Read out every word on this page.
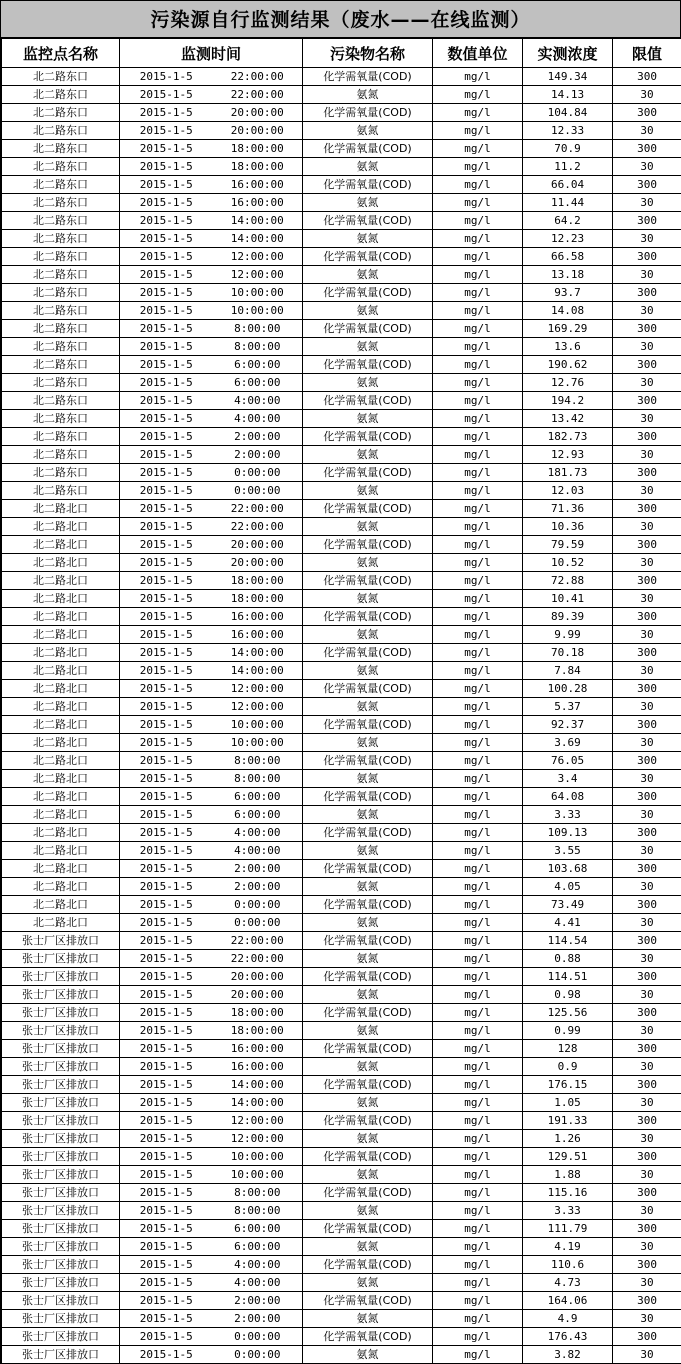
污染源自行监测结果（废水——在线监测）
监控点名称	监测时间		污染物名称	数值单位	实测浓度	限值
北二路东口	2015-1-5	22:00:00	化学需氧量(COD)	mg/l	149.34	300
北二路东口	2015-1-5	22:00:00	氨氮	mg/l	14.13	30
北二路东口	2015-1-5	20:00:00	化学需氧量(COD)	mg/l	104.84	300
北二路东口	2015-1-5	20:00:00	氨氮	mg/l	12.33	30
北二路东口	2015-1-5	18:00:00	化学需氧量(COD)	mg/l	70.9	300
北二路东口	2015-1-5	18:00:00	氨氮	mg/l	11.2	30
北二路东口	2015-1-5	16:00:00	化学需氧量(COD)	mg/l	66.04	300
北二路东口	2015-1-5	16:00:00	氨氮	mg/l	11.44	30
北二路东口	2015-1-5	14:00:00	化学需氧量(COD)	mg/l	64.2	300
北二路东口	2015-1-5	14:00:00	氨氮	mg/l	12.23	30
北二路东口	2015-1-5	12:00:00	化学需氧量(COD)	mg/l	66.58	300
北二路东口	2015-1-5	12:00:00	氨氮	mg/l	13.18	30
北二路东口	2015-1-5	10:00:00	化学需氧量(COD)	mg/l	93.7	300
北二路东口	2015-1-5	10:00:00	氨氮	mg/l	14.08	30
北二路东口	2015-1-5	8:00:00	化学需氧量(COD)	mg/l	169.29	300
北二路东口	2015-1-5	8:00:00	氨氮	mg/l	13.6	30
北二路东口	2015-1-5	6:00:00	化学需氧量(COD)	mg/l	190.62	300
北二路东口	2015-1-5	6:00:00	氨氮	mg/l	12.76	30
北二路东口	2015-1-5	4:00:00	化学需氧量(COD)	mg/l	194.2	300
北二路东口	2015-1-5	4:00:00	氨氮	mg/l	13.42	30
北二路东口	2015-1-5	2:00:00	化学需氧量(COD)	mg/l	182.73	300
北二路东口	2015-1-5	2:00:00	氨氮	mg/l	12.93	30
北二路东口	2015-1-5	0:00:00	化学需氧量(COD)	mg/l	181.73	300
北二路东口	2015-1-5	0:00:00	氨氮	mg/l	12.03	30
北二路北口	2015-1-5	22:00:00	化学需氧量(COD)	mg/l	71.36	300
北二路北口	2015-1-5	22:00:00	氨氮	mg/l	10.36	30
北二路北口	2015-1-5	20:00:00	化学需氧量(COD)	mg/l	79.59	300
北二路北口	2015-1-5	20:00:00	氨氮	mg/l	10.52	30
北二路北口	2015-1-5	18:00:00	化学需氧量(COD)	mg/l	72.88	300
北二路北口	2015-1-5	18:00:00	氨氮	mg/l	10.41	30
北二路北口	2015-1-5	16:00:00	化学需氧量(COD)	mg/l	89.39	300
北二路北口	2015-1-5	16:00:00	氨氮	mg/l	9.99	30
北二路北口	2015-1-5	14:00:00	化学需氧量(COD)	mg/l	70.18	300
北二路北口	2015-1-5	14:00:00	氨氮	mg/l	7.84	30
北二路北口	2015-1-5	12:00:00	化学需氧量(COD)	mg/l	100.28	300
北二路北口	2015-1-5	12:00:00	氨氮	mg/l	5.37	30
北二路北口	2015-1-5	10:00:00	化学需氧量(COD)	mg/l	92.37	300
北二路北口	2015-1-5	10:00:00	氨氮	mg/l	3.69	30
北二路北口	2015-1-5	8:00:00	化学需氧量(COD)	mg/l	76.05	300
北二路北口	2015-1-5	8:00:00	氨氮	mg/l	3.4	30
北二路北口	2015-1-5	6:00:00	化学需氧量(COD)	mg/l	64.08	300
北二路北口	2015-1-5	6:00:00	氨氮	mg/l	3.33	30
北二路北口	2015-1-5	4:00:00	化学需氧量(COD)	mg/l	109.13	300
北二路北口	2015-1-5	4:00:00	氨氮	mg/l	3.55	30
北二路北口	2015-1-5	2:00:00	化学需氧量(COD)	mg/l	103.68	300
北二路北口	2015-1-5	2:00:00	氨氮	mg/l	4.05	30
北二路北口	2015-1-5	0:00:00	化学需氧量(COD)	mg/l	73.49	300
北二路北口	2015-1-5	0:00:00	氨氮	mg/l	4.41	30
张士厂区排放口	2015-1-5	22:00:00	化学需氧量(COD)	mg/l	114.54	300
张士厂区排放口	2015-1-5	22:00:00	氨氮	mg/l	0.88	30
张士厂区排放口	2015-1-5	20:00:00	化学需氧量(COD)	mg/l	114.51	300
张士厂区排放口	2015-1-5	20:00:00	氨氮	mg/l	0.98	30
张士厂区排放口	2015-1-5	18:00:00	化学需氧量(COD)	mg/l	125.56	300
张士厂区排放口	2015-1-5	18:00:00	氨氮	mg/l	0.99	30
张士厂区排放口	2015-1-5	16:00:00	化学需氧量(COD)	mg/l	128	300
张士厂区排放口	2015-1-5	16:00:00	氨氮	mg/l	0.9	30
张士厂区排放口	2015-1-5	14:00:00	化学需氧量(COD)	mg/l	176.15	300
张士厂区排放口	2015-1-5	14:00:00	氨氮	mg/l	1.05	30
张士厂区排放口	2015-1-5	12:00:00	化学需氧量(COD)	mg/l	191.33	300
张士厂区排放口	2015-1-5	12:00:00	氨氮	mg/l	1.26	30
张士厂区排放口	2015-1-5	10:00:00	化学需氧量(COD)	mg/l	129.51	300
张士厂区排放口	2015-1-5	10:00:00	氨氮	mg/l	1.88	30
张士厂区排放口	2015-1-5	8:00:00	化学需氧量(COD)	mg/l	115.16	300
张士厂区排放口	2015-1-5	8:00:00	氨氮	mg/l	3.33	30
张士厂区排放口	2015-1-5	6:00:00	化学需氧量(COD)	mg/l	111.79	300
张士厂区排放口	2015-1-5	6:00:00	氨氮	mg/l	4.19	30
张士厂区排放口	2015-1-5	4:00:00	化学需氧量(COD)	mg/l	110.6	300
张士厂区排放口	2015-1-5	4:00:00	氨氮	mg/l	4.73	30
张士厂区排放口	2015-1-5	2:00:00	化学需氧量(COD)	mg/l	164.06	300
张士厂区排放口	2015-1-5	2:00:00	氨氮	mg/l	4.9	30
张士厂区排放口	2015-1-5	0:00:00	化学需氧量(COD)	mg/l	176.43	300
张士厂区排放口	2015-1-5	0:00:00	氨氮	mg/l	3.82	30
